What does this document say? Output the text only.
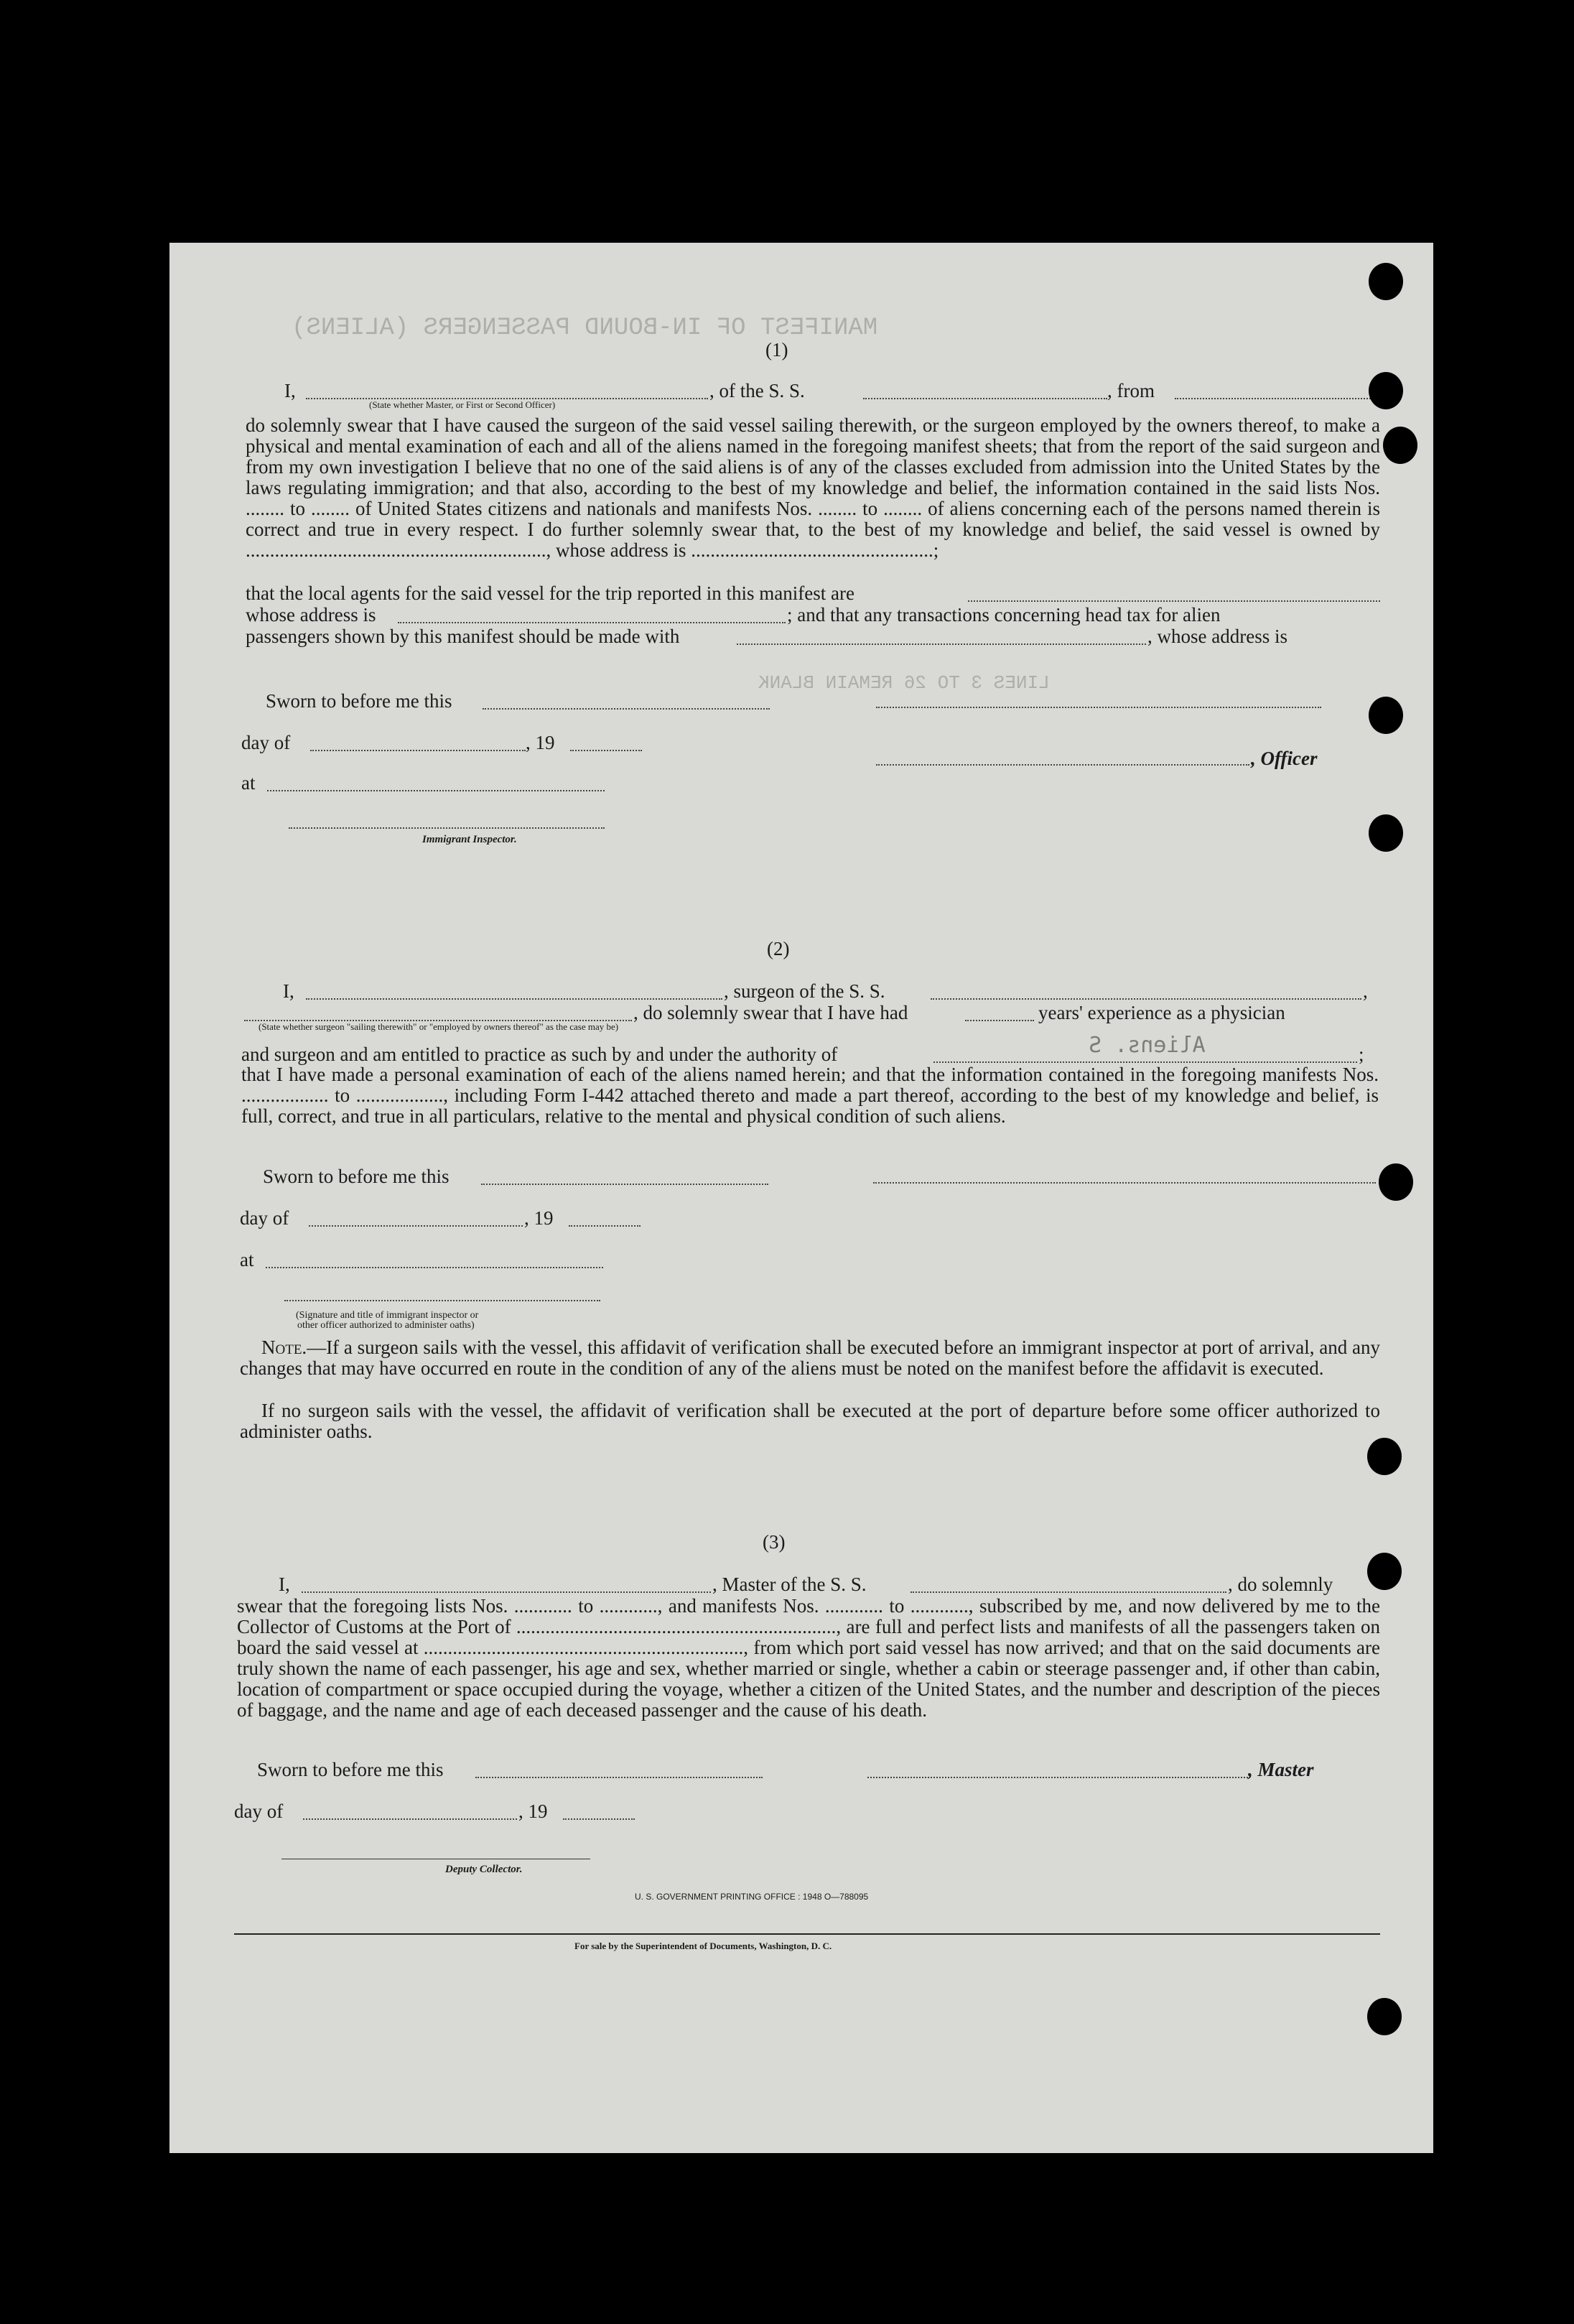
MANIFEST OF IN-BOUND PASSENGERS (ALIENS)
LINES 3 TO 26 REMAIN BLANK
Aliens. S
(1)
I,	, of the S. S.	, from
(State whether Master, or First or Second Officer)
do solemnly swear that I have caused the surgeon of the said vessel sailing therewith, or the surgeon employed by the owners thereof, to make a physical and mental examination of each and all of the aliens named in the foregoing manifest sheets; that from the report of the said surgeon and from my own investigation I believe that no one of the said aliens is of any of the classes excluded from admission into the United States by the laws regulating immigration; and that also, according to the best of my knowledge and belief, the information contained in the said lists Nos. ........ to ........ of United States citizens and nationals and manifests Nos. ........ to ........ of aliens concerning each of the persons named therein is correct and true in every respect. I do further solemnly swear that, to the best of my knowledge and belief, the said vessel is owned by .............................................................., whose address is ..................................................;
that the local agents for the said vessel for the trip reported in this manifest are
whose address is	; and that any transactions concerning head tax for alien
passengers shown by this manifest should be made with	, whose address is
Sworn to before me this
day of	, 19
, Officer
at
Immigrant Inspector.
(2)
I,	, surgeon of the S. S.	,
, do solemnly swear that I have had	years' experience as a physician
(State whether surgeon "sailing therewith" or "employed by owners thereof" as the case may be)
and surgeon and am entitled to practice as such by and under the authority of	;
that I have made a personal examination of each of the aliens named herein; and that the information contained in the foregoing manifests Nos. .................. to .................., including Form I-442 attached thereto and made a part thereof, according to the best of my knowledge and belief, is full, correct, and true in all particulars, relative to the mental and physical condition of such aliens.
Sworn to before me this
day of	, 19
at
(Signature and title of immigrant inspector or
other officer authorized to administer oaths)
Note.—If a surgeon sails with the vessel, this affidavit of verification shall be executed before an immigrant inspector at port of arrival, and any changes that may have occurred en route in the condition of any of the aliens must be noted on the manifest before the affidavit is executed.
If no surgeon sails with the vessel, the affidavit of verification shall be executed at the port of departure before some officer authorized to administer oaths.
(3)
I,	, Master of the S. S.	, do solemnly
swear that the foregoing lists Nos. ............ to ............, and manifests Nos. ............ to ............, subscribed by me, and now delivered by me to the Collector of Customs at the Port of .................................................................., are full and perfect lists and manifests of all the passengers taken on board the said vessel at .................................................................., from which port said vessel has now arrived; and that on the said documents are truly shown the name of each passenger, his age and sex, whether married or single, whether a cabin or steerage passenger and, if other than cabin, location of compartment or space occupied during the voyage, whether a citizen of the United States, and the number and description of the pieces of baggage, and the name and age of each deceased passenger and the cause of his death.
Sworn to before me this	, Master
day of	, 19
Deputy Collector.
U. S. GOVERNMENT PRINTING OFFICE : 1948 O—788095
For sale by the Superintendent of Documents, Washington, D. C.
